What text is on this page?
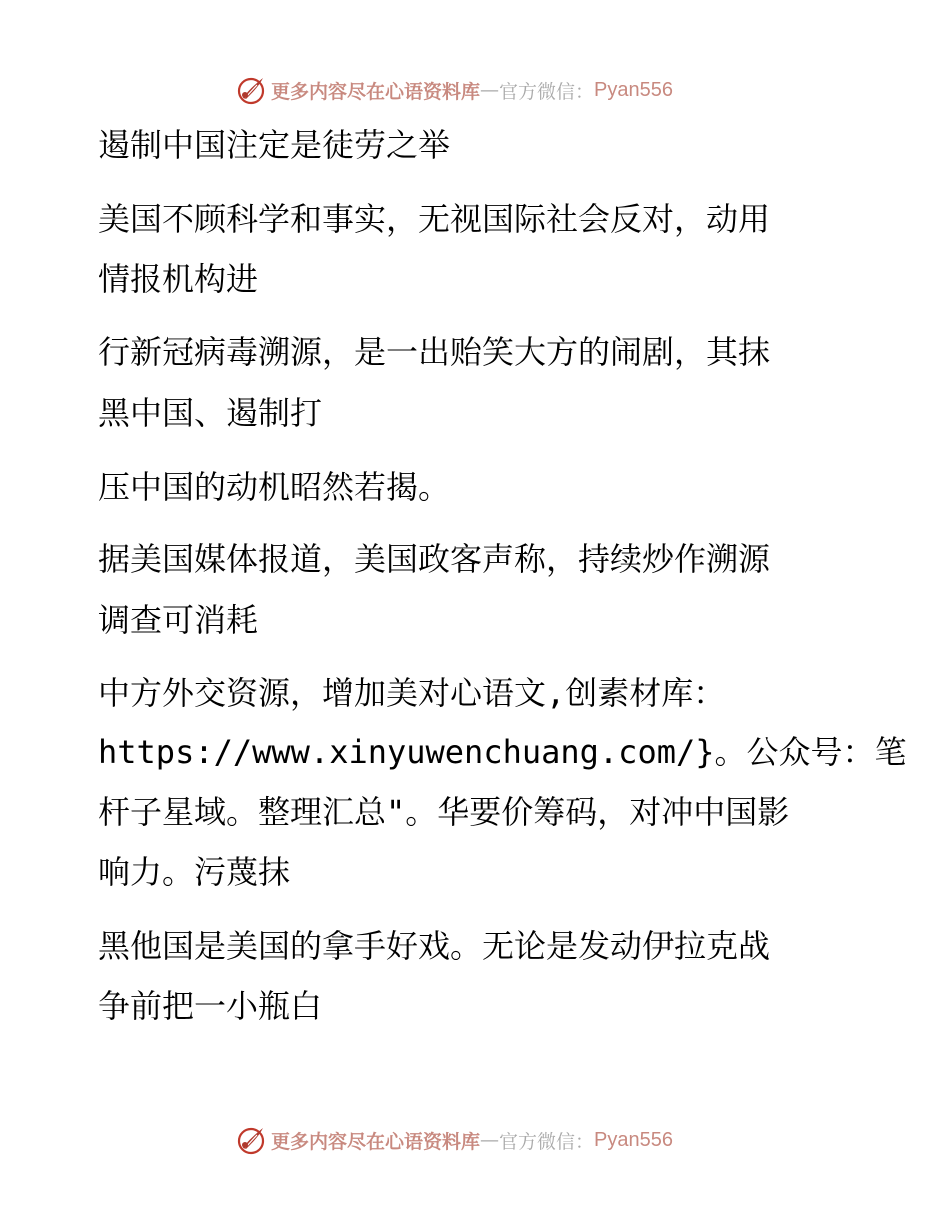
更多内容尽在心语资料库 — 官方微信： Pyan556
遏制中国注定是徒劳之举
美国不顾科学和事实，无视国际社会反对，动用
情报机构进
行新冠病毒溯源，是一出贻笑大方的闹剧，其抹
黑中国、遏制打
压中国的动机昭然若揭。
据美国媒体报道，美国政客声称，持续炒作溯源
调查可消耗
中方外交资源，增加美对心语文,创素材库：
https://www.xinyuwenchuang.com/}。公众号：笔
杆子星域。整理汇总"。华要价筹码，对冲中国影
响力。污蔑抹
黑他国是美国的拿手好戏。无论是发动伊拉克战
争前把一小瓶白
更多内容尽在心语资料库 — 官方微信： Pyan556
